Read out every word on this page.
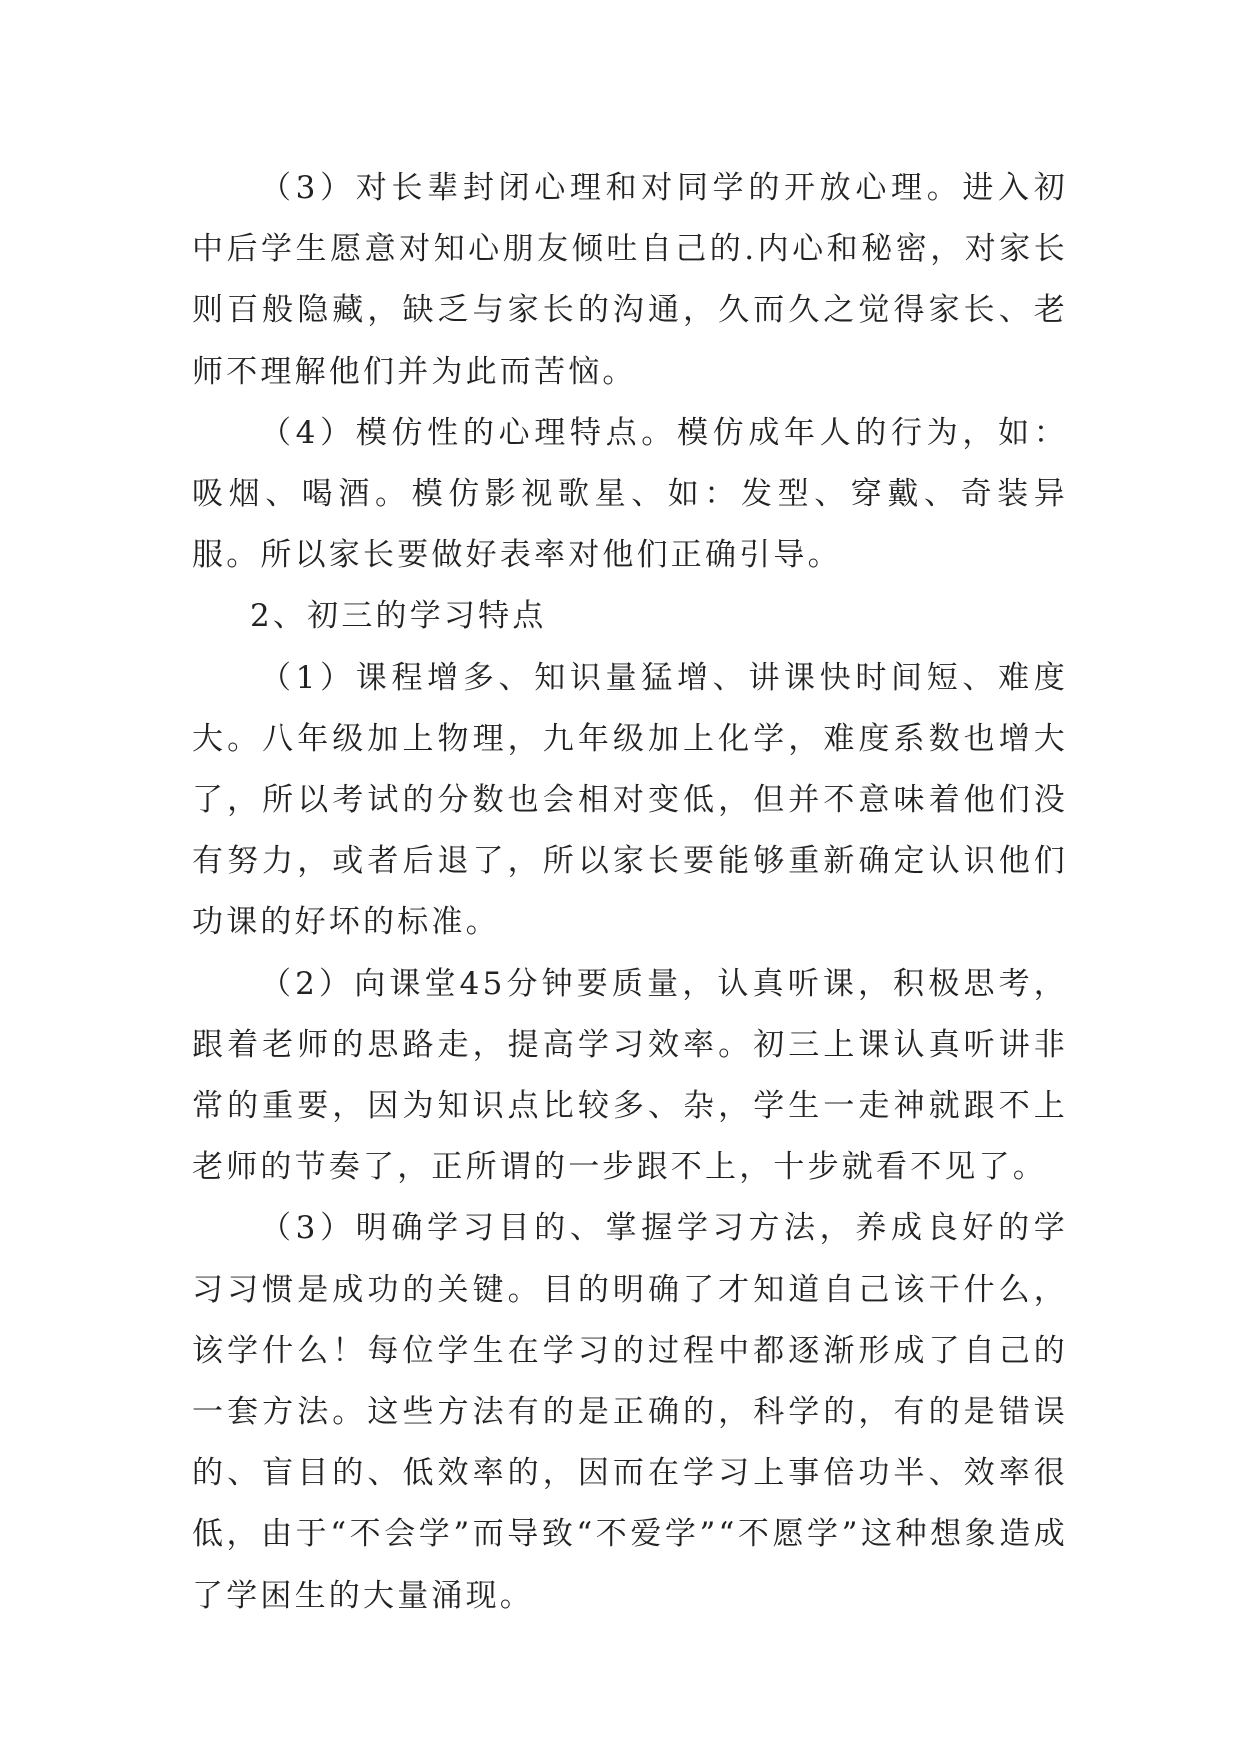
（3）对长辈封闭心理和对同学的开放心理。进入初中后学生愿意对知心朋友倾吐自己的.内心和秘密，对家长则百般隐藏，缺乏与家长的沟通，久而久之觉得家长、老师不理解他们并为此而苦恼。

（4）模仿性的心理特点。模仿成年人的行为，如：吸烟、喝酒。模仿影视歌星、如：发型、穿戴、奇装异服。所以家长要做好表率对他们正确引导。

2、初三的学习特点

（1）课程增多、知识量猛增、讲课快时间短、难度大。八年级加上物理，九年级加上化学，难度系数也增大了，所以考试的分数也会相对变低，但并不意味着他们没有努力，或者后退了，所以家长要能够重新确定认识他们功课的好坏的标准。

（2）向课堂45分钟要质量，认真听课，积极思考，跟着老师的思路走，提高学习效率。初三上课认真听讲非常的重要，因为知识点比较多、杂，学生一走神就跟不上老师的节奏了，正所谓的一步跟不上，十步就看不见了。

（3）明确学习目的、掌握学习方法，养成良好的学习习惯是成功的关键。目的明确了才知道自己该干什么，该学什么！每位学生在学习的过程中都逐渐形成了自己的一套方法。这些方法有的是正确的，科学的，有的是错误的、盲目的、低效率的，因而在学习上事倍功半、效率很低，由于“不会学”而导致“不爱学”“不愿学”这种想象造成了学困生的大量涌现。
